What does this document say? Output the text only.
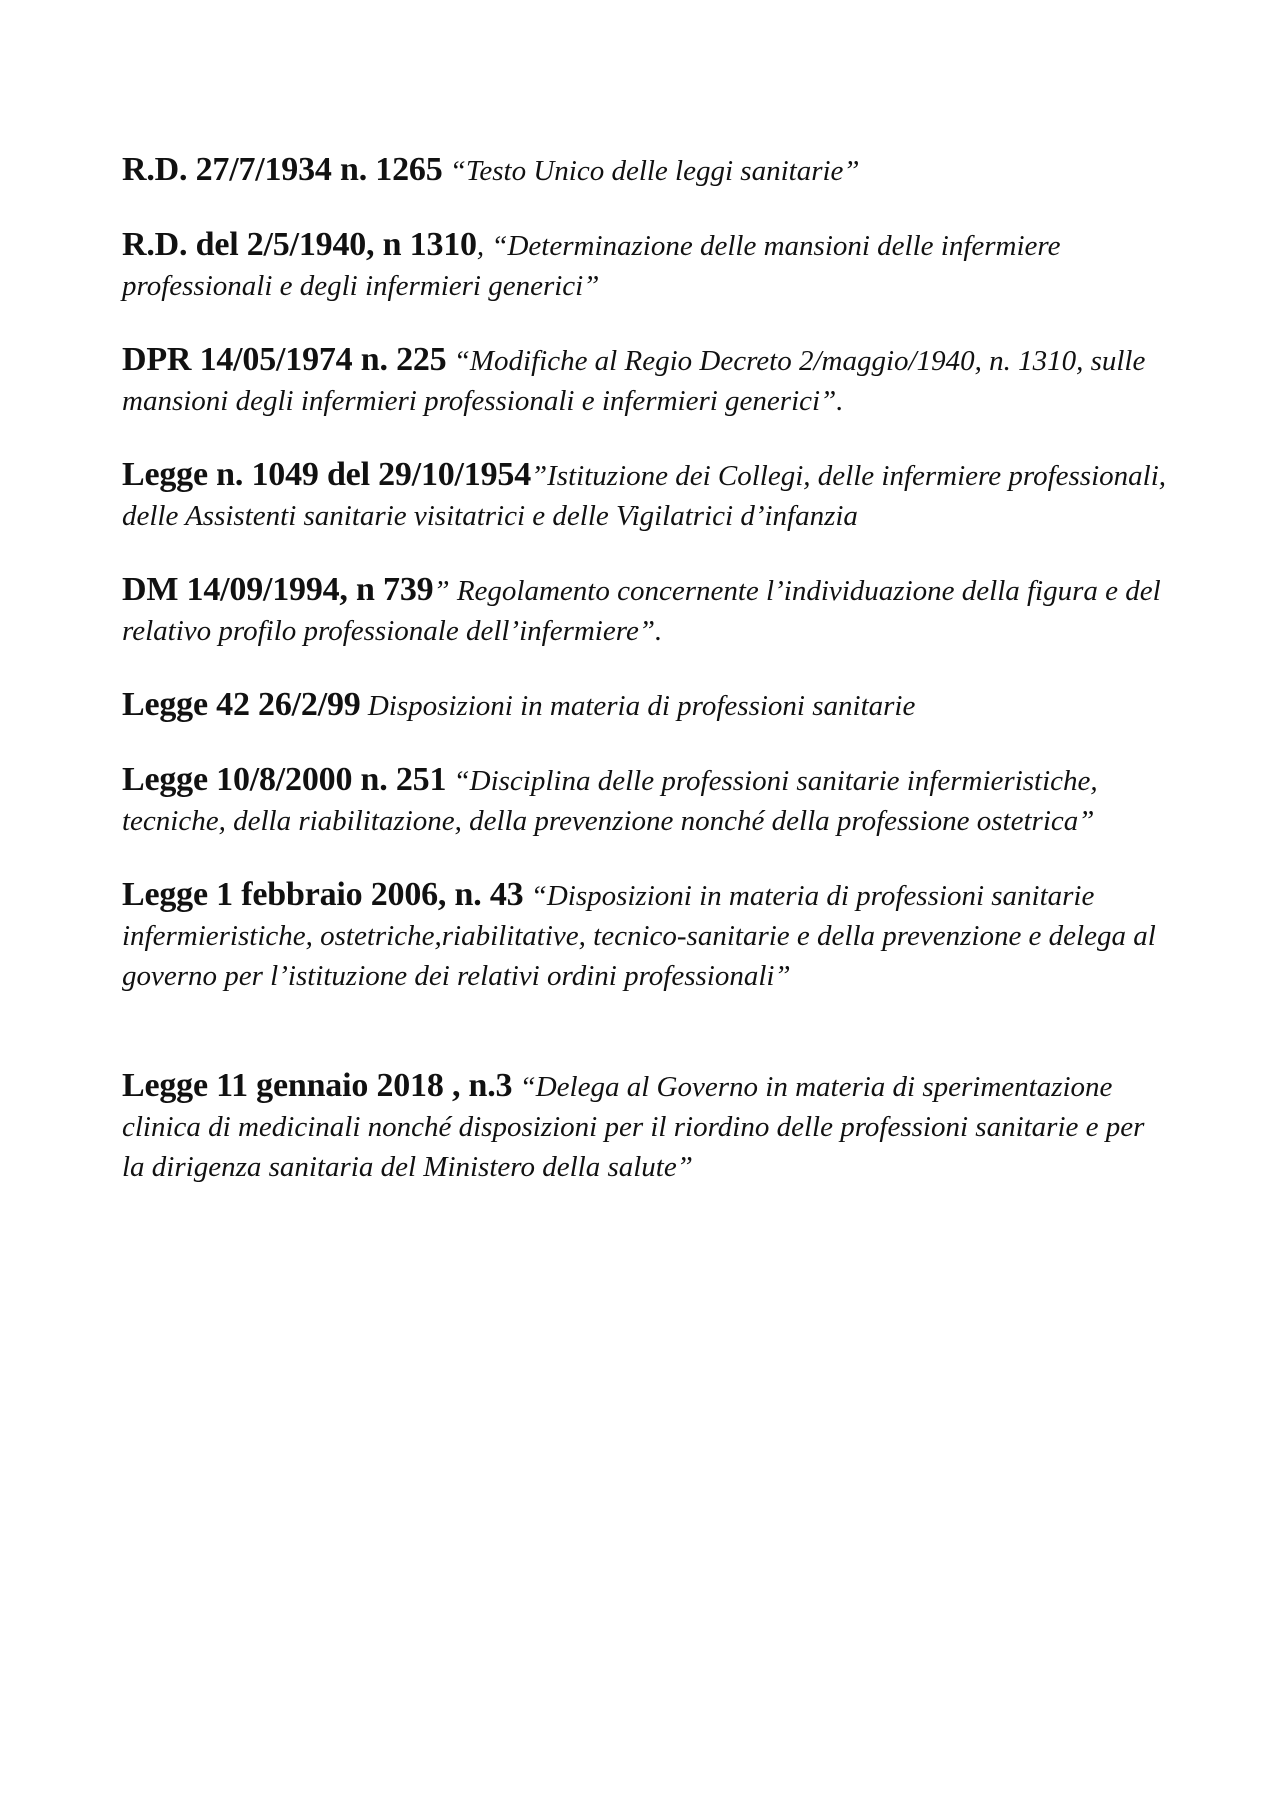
R.D. 27/7/1934 n. 1265 “Testo Unico delle leggi sanitarie”

R.D. del 2/5/1940, n 1310, “Determinazione delle mansioni delle infermiere professionali e degli infermieri generici”

DPR 14/05/1974 n. 225 “Modifiche al Regio Decreto 2/maggio/1940, n. 1310, sulle mansioni degli infermieri professionali e infermieri generici”.

Legge n. 1049 del 29/10/1954”Istituzione dei Collegi, delle infermiere professionali, delle Assistenti sanitarie visitatrici e delle Vigilatrici d’infanzia

DM 14/09/1994, n 739” Regolamento concernente l’individuazione della figura e del relativo profilo professionale dell’infermiere”.

Legge 42 26/2/99 Disposizioni in materia di professioni sanitarie

Legge 10/8/2000 n. 251 “Disciplina delle professioni sanitarie infermieristiche, tecniche, della riabilitazione, della prevenzione nonché della professione ostetrica”

Legge 1 febbraio 2006, n. 43 “Disposizioni in materia di professioni sanitarie infermieristiche, ostetriche,riabilitative, tecnico-sanitarie e della prevenzione e delega al governo per l’istituzione dei relativi ordini professionali”

Legge 11 gennaio 2018 , n.3 “Delega al Governo in materia di sperimentazione clinica di medicinali nonché disposizioni per il riordino delle professioni sanitarie e per la dirigenza sanitaria del Ministero della salute”
